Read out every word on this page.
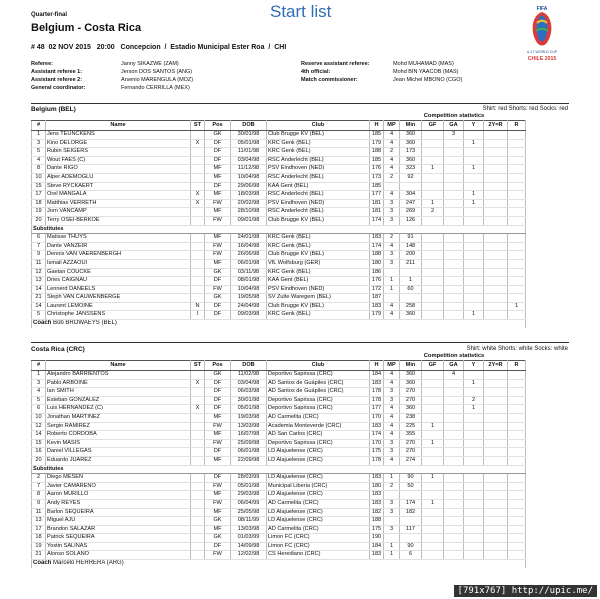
Quarter-final	Start list
Belgium - Costa Rica
# 48 02 NOV 2015 20:00 Concepcion / Estadio Municipal Ester Roa / CHI
FIFA
U-17 WORLD CUP
CHILE 2015
Referee:	Janny SIKAZWE (ZAM)
Assistant referee 1:	Jerson DOS SANTOS (ANG)
Assistant referee 2:	Arsenio MARENGULA (MOZ)
General coordinator:	Fernando CERRILLA (MEX)
Reserve assistant referee:	Mohd MUHAMAD (MAS)
4th official:	Mohd BIN YAACOB (MAS)
Match commissioner:	Jean Michel MBONO (CGO)
Belgium (BEL)	Shirt: red Shorts: red Socks: red
Competition statistics
#	Name	ST	Pos	DOB	Club	H	MP	Min	GF	GA	Y	2Y=R	R
1	Jens TEUNCKENS		GK	30/01/98	Club Brugge KV (BEL)	185	4	360		3			
3	Kino DELORGE	X	DF	05/01/98	KRC Genk (BEL)	179	4	360			1		
5	Rubin SEIGERS		DF	11/01/98	KRC Genk (BEL)	188	2	173					
4	Wout FAES (C)		DF	03/04/98	RSC Anderlecht (BEL)	185	4	360					
8	Dante RIGO		MF	11/12/98	PSV Eindhoven (NED)	176	4	323	1		1		
10	Alper ADEMOGLU		MF	10/04/98	RSC Anderlecht (BEL)	173	2	92					
15	Steve RYCKAERT		DF	29/06/98	KAA Gent (BEL)	185							
17	Orel MANGALA	X	MF	18/03/98	RSC Anderlecht (BEL)	177	4	304			1		
18	Matthias VERRETH	X	FW	20/02/98	PSV Eindhoven (NED)	181	3	247	1		1		
19	Jorn VANCAMP		MF	28/10/98	RSC Anderlecht (BEL)	181	3	269	2				
20	Terry OSEI-BERKOE		FW	09/01/98	Club Brugge KV (BEL)	174	3	126					
Substitutes													
6	Matisse THUYS		MF	24/01/98	KRC Genk (BEL)	183	2	91					
7	Dante VANZEIR		FW	16/04/98	KRC Genk (BEL)	174	4	148					
9	Dennis VAN VAERENBERGH		FW	26/06/98	Club Brugge KV (BEL)	188	3	200					
11	Ismail AZZAOUI		MF	06/01/98	VfL Wolfsburg (GER)	180	3	211					
12	Gaetan COUCKE		GK	03/11/98	KRC Genk (BEL)	186							
13	Dries CAIGNAU		DF	08/01/98	KAA Gent (BEL)	176	1	1					
14	Lennerd DANEELS		FW	10/04/98	PSV Eindhoven (NED)	172	1	60					
21	Steph VAN CAUWENBERGE		GK	19/05/98	SV Zulte Waregem (BEL)	187							
14	Laurent LEMOINE	N	DF	24/04/98	Club Brugge KV (BEL)	183	4	258					1
5	Christophe JANSSENS	I	DF	09/03/98	KRC Genk (BEL)	179	4	360			1		
Coach Bob BROWAEYS (BEL)													
Costa Rica (CRC)	Shirt: white Shorts: white Socks: white
Competition statistics
#	Name	ST	Pos	DOB	Club	H	MP	Min	GF	GA	Y	2Y=R	R
1	Alejandro BARRIENTOS		GK	11/02/98	Deportivo Saprissa (CRC)	184	4	360		4			
3	Pablo ARBOINE	X	DF	03/04/98	AD Santos de Guápiles (CRC)	183	4	360			1		
4	Ian SMITH		DF	06/03/98	AD Santos de Guápiles (CRC)	178	3	270					
5	Esteban GONZALEZ		DF	30/01/98	Deportivo Saprissa (CRC)	178	3	270			2		
6	Luis HERNANDEZ (C)	X	DF	05/01/98	Deportivo Saprissa (CRC)	177	4	360			1		
10	Jonathan MARTINEZ		MF	19/03/98	AD Carmelita (CRC)	170	4	238					
12	Sergio RAMIREZ		FW	13/03/98	Academia Monteverde (CRC)	183	4	225	1				
14	Roberto CORDOBA		MF	16/07/98	AD San Carlos (CRC)	174	4	355					
15	Kevin MASIS		FW	25/09/98	Deportivo Saprissa (CRC)	170	3	270	1				
16	Daniel VILLEGAS		DF	06/01/98	LD Alajuelense (CRC)	175	3	270					
20	Eduardo JUAREZ		MF	22/09/98	LD Alajuelense (CRC)	178	4	274					
Substitutes													
2	Diego MESEN		DF	28/03/99	LD Alajuelense (CRC)	183	1	90	1				
7	Javier CAMARENO		FW	05/01/98	Municipal Liberia (CRC)	180	2	50					
8	Aaron MURILLO		MF	29/03/98	LD Alajuelense (CRC)	183							
9	Andy REYES		FW	06/04/99	AD Carmelita (CRC)	183	3	174	1				
11	Barlon SEQUEIRA		MF	25/05/98	LD Alajuelense (CRC)	182	3	182					
13	Miguel AJU		GK	08/11/99	LD Alajuelense (CRC)	188							
17	Brandon SALAZAR		MF	13/03/98	AD Carmelita (CRC)	175	3	117					
18	Patrick SEQUEIRA		GK	01/03/99	Limon FC (CRC)	190							
19	Yostin SALINAS		DF	14/09/98	Limon FC (CRC)	184	1	90					
21	Alonso SOLANO		FW	12/02/98	CS Herediano (CRC)	183	1	6					
Coach Marcelo HERRERA (ARG)													
[791x767] http://upic.me/
